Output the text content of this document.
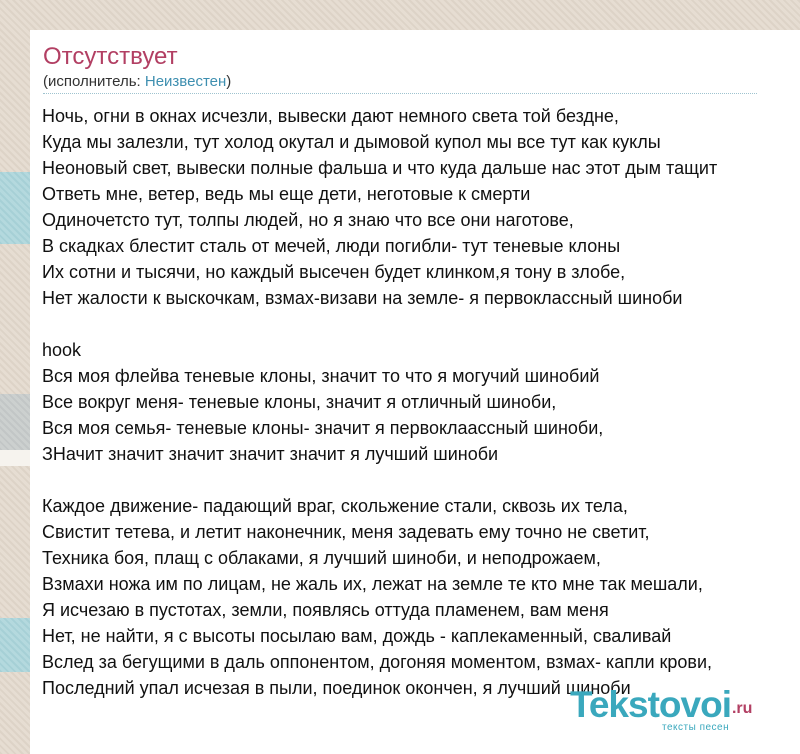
Отсутствует
(исполнитель: Неизвестен)
Ночь, огни в окнах исчезли, вывески дают немного света той бездне,
Куда мы залезли, тут холод окутал и дымовой купол мы все тут как куклы
Неоновый свет, вывески полные фальша и что куда дальше нас этот дым тащит
Ответь мне, ветер, ведь мы еще дети, неготовые к смерти
Одиночетсто тут, толпы людей, но я знаю что все они наготове,
В скадках блестит сталь от мечей, люди погибли- тут теневые клоны
Их сотни и тысячи, но каждый высечен будет клинком,я тону в злобе,
Нет жалости к выскочкам, взмах-визави на земле- я первоклассный шиноби
hook
Вся моя флейва теневые клоны, значит то что я могучий шинобий
Все вокруг меня- теневые клоны, значит я отличный шиноби,
Вся моя семья- теневые клоны- значит я первоклаассный шиноби,
ЗНачит значит значит значит значит я лучший шиноби
Каждое движение- падающий враг, скольжение стали, сквозь их тела,
Свистит тетева, и летит наконечник, меня задевать ему точно не светит,
Техника боя, плащ с облаками, я лучший шиноби, и неподрожаем,
Взмахи ножа им по лицам, не жаль их, лежат на земле те кто мне так мешали,
Я исчезаю в пустотах, земли, появлясь оттуда пламенем, вам меня
Нет, не найти, я с высоты посылаю вам, дождь - каплекаменный, сваливай
Вслед за бегущими в даль оппонентом, догоняя моментом, взмах- капли крови,
Последний упал исчезая в пыли, поединок окончен, я лучший шиноби
Tekstovoi.ru
тексты песен
